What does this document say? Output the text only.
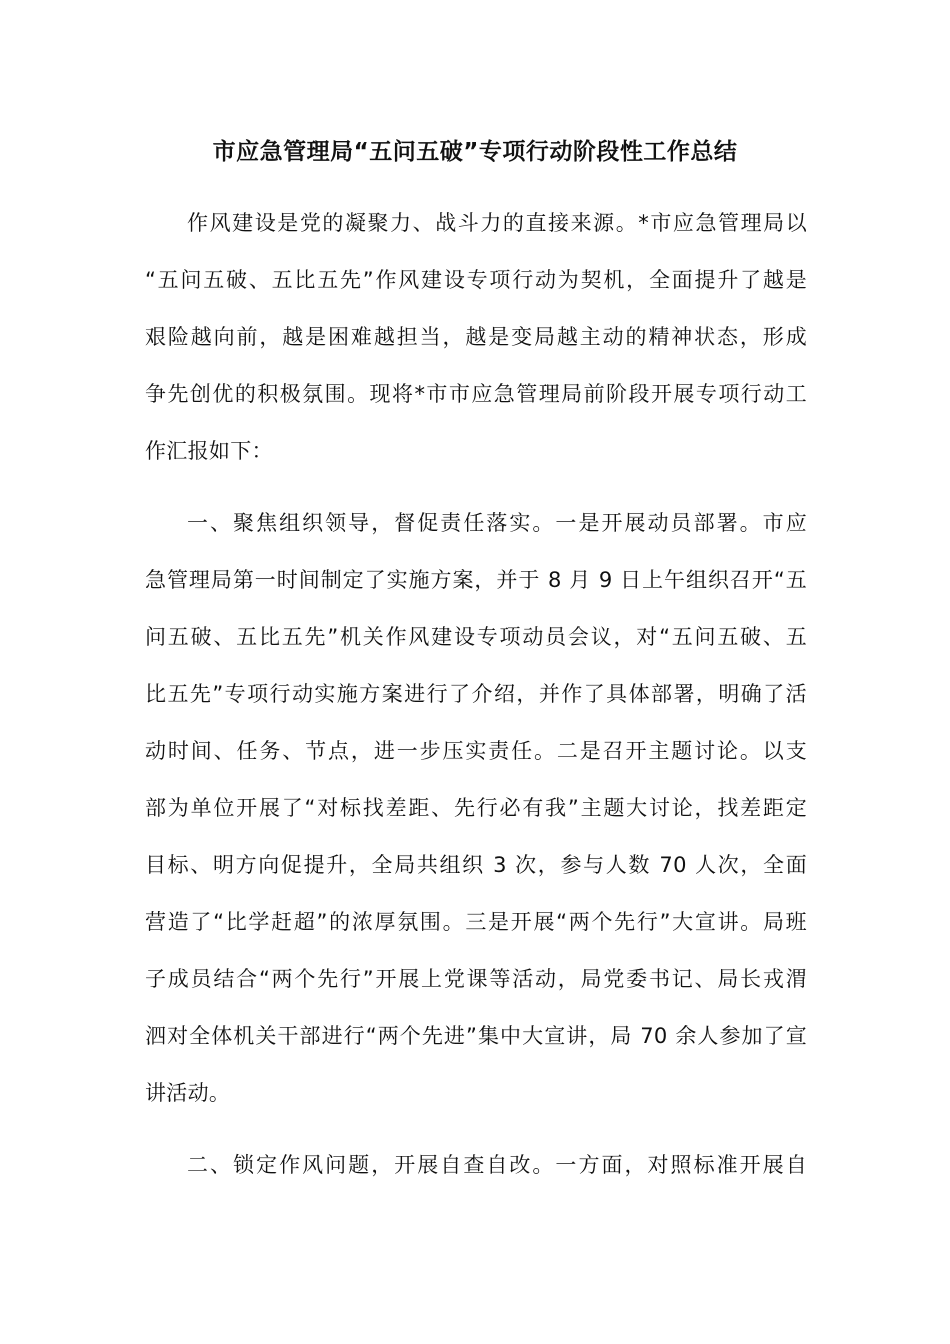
市应急管理局“五问五破”专项行动阶段性工作总结
作风建设是党的凝聚力、战斗力的直接来源。*市应急管理局以
“五问五破、五比五先”作风建设专项行动为契机，全面提升了越是
艰险越向前，越是困难越担当，越是变局越主动的精神状态，形成
争先创优的积极氛围。现将*市市应急管理局前阶段开展专项行动工
作汇报如下：
一、聚焦组织领导，督促责任落实。一是开展动员部署。市应
急管理局第一时间制定了实施方案，并于 8 月 9 日上午组织召开“五
问五破、五比五先”机关作风建设专项动员会议，对“五问五破、五
比五先”专项行动实施方案进行了介绍，并作了具体部署，明确了活
动时间、任务、节点，进一步压实责任。二是召开主题讨论。以支
部为单位开展了“对标找差距、先行必有我”主题大讨论，找差距定
目标、明方向促提升，全局共组织 3 次，参与人数 70 人次，全面
营造了“比学赶超”的浓厚氛围。三是开展“两个先行”大宣讲。局班
子成员结合“两个先行”开展上党课等活动，局党委书记、局长戎渭
泗对全体机关干部进行“两个先进”集中大宣讲，局 70 余人参加了宣
讲活动。
二、锁定作风问题，开展自查自改。一方面，对照标准开展自
